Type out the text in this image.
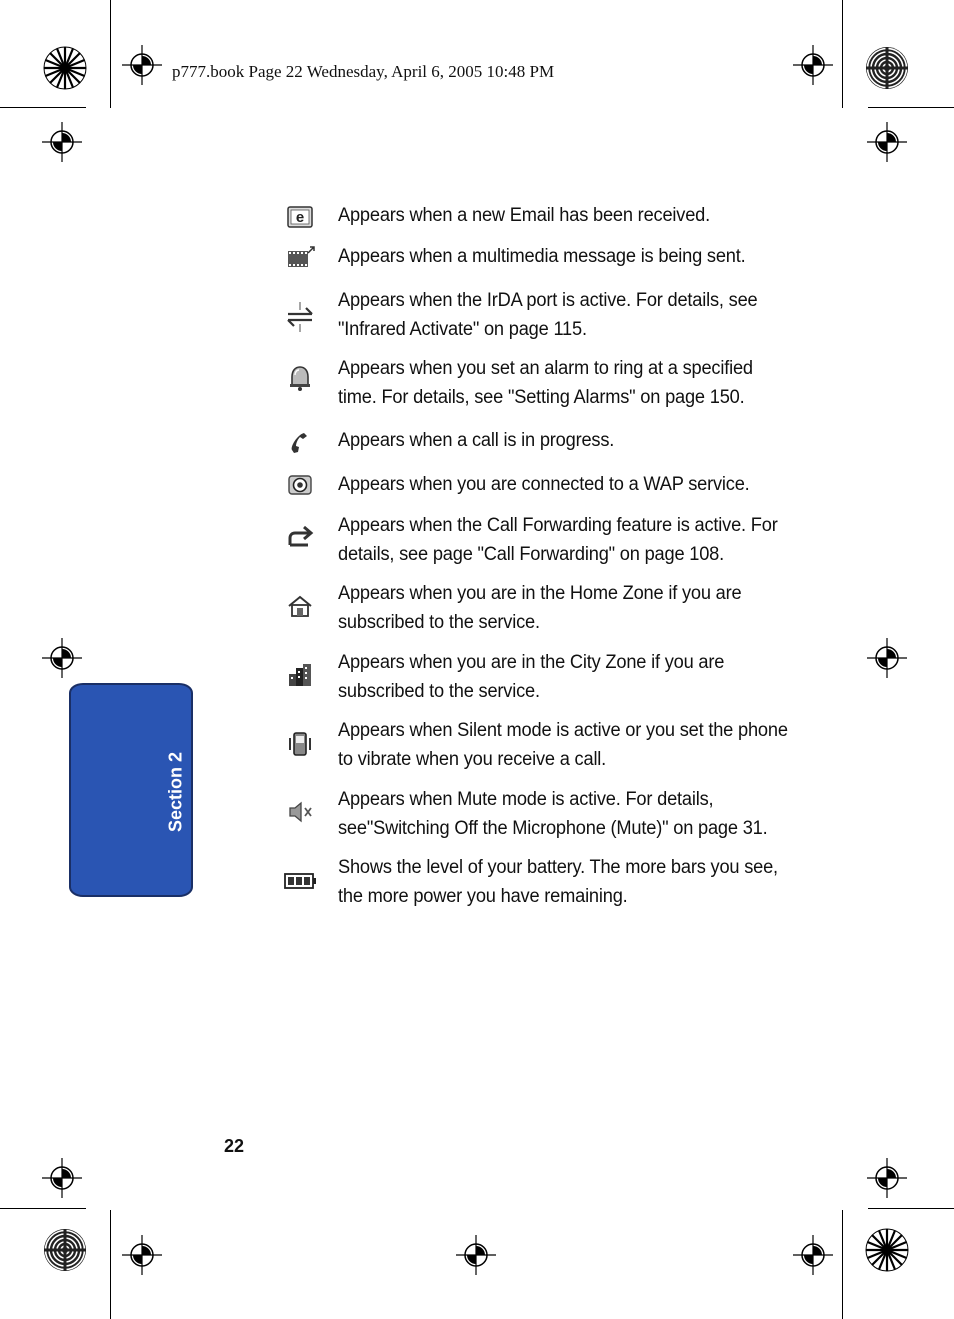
p777.book Page 22 Wednesday, April 6, 2005 10:48 PM
Section 2
e Appears when a new Email has been received.
Appears when a multimedia message is being sent.
Appears when the IrDA port is active. For details, see "Infrared Activate" on page 115.
Appears when you set an alarm to ring at a specified time. For details, see "Setting Alarms" on page 150.
Appears when a call is in progress.
Appears when you are connected to a WAP service.
Appears when the Call Forwarding feature is active. For details, see page "Call Forwarding" on page 108.
Appears when you are in the Home Zone if you are subscribed to the service.
Appears when you are in the City Zone if you are subscribed to the service.
Appears when Silent mode is active or you set the phone to vibrate when you receive a call.
Appears when Mute mode is active. For details, see"Switching Off the Microphone (Mute)" on page 31.
Shows the level of your battery. The more bars you see, the more power you have remaining.
22
